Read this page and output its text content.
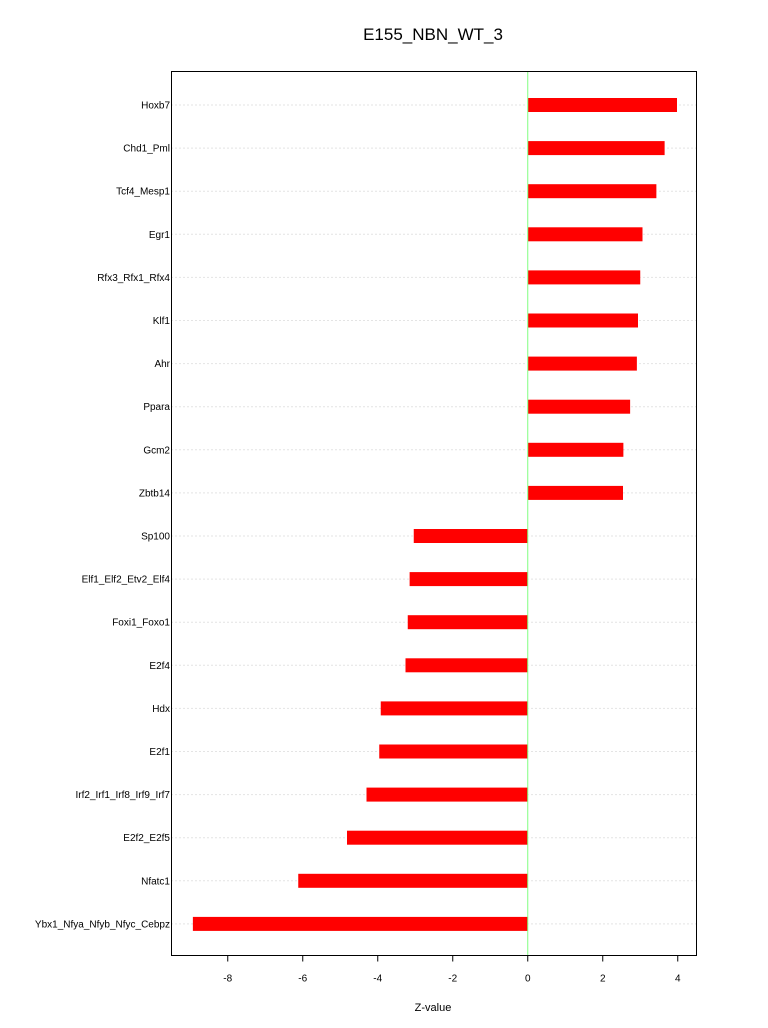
E155_NBN_WT_3
Hoxb7
Chd1_Pml
Tcf4_Mesp1
Egr1
Rfx3_Rfx1_Rfx4
Klf1
Ahr
Ppara
Gcm2
Zbtb14
Sp100
Elf1_Elf2_Etv2_Elf4
Foxi1_Foxo1
E2f4
Hdx
E2f1
Irf2_Irf1_Irf8_Irf9_Irf7
E2f2_E2f5
Nfatc1
Ybx1_Nfya_Nfyb_Nfyc_Cebpz
-8	-6	-4	-2	0	2	4
Z-value
